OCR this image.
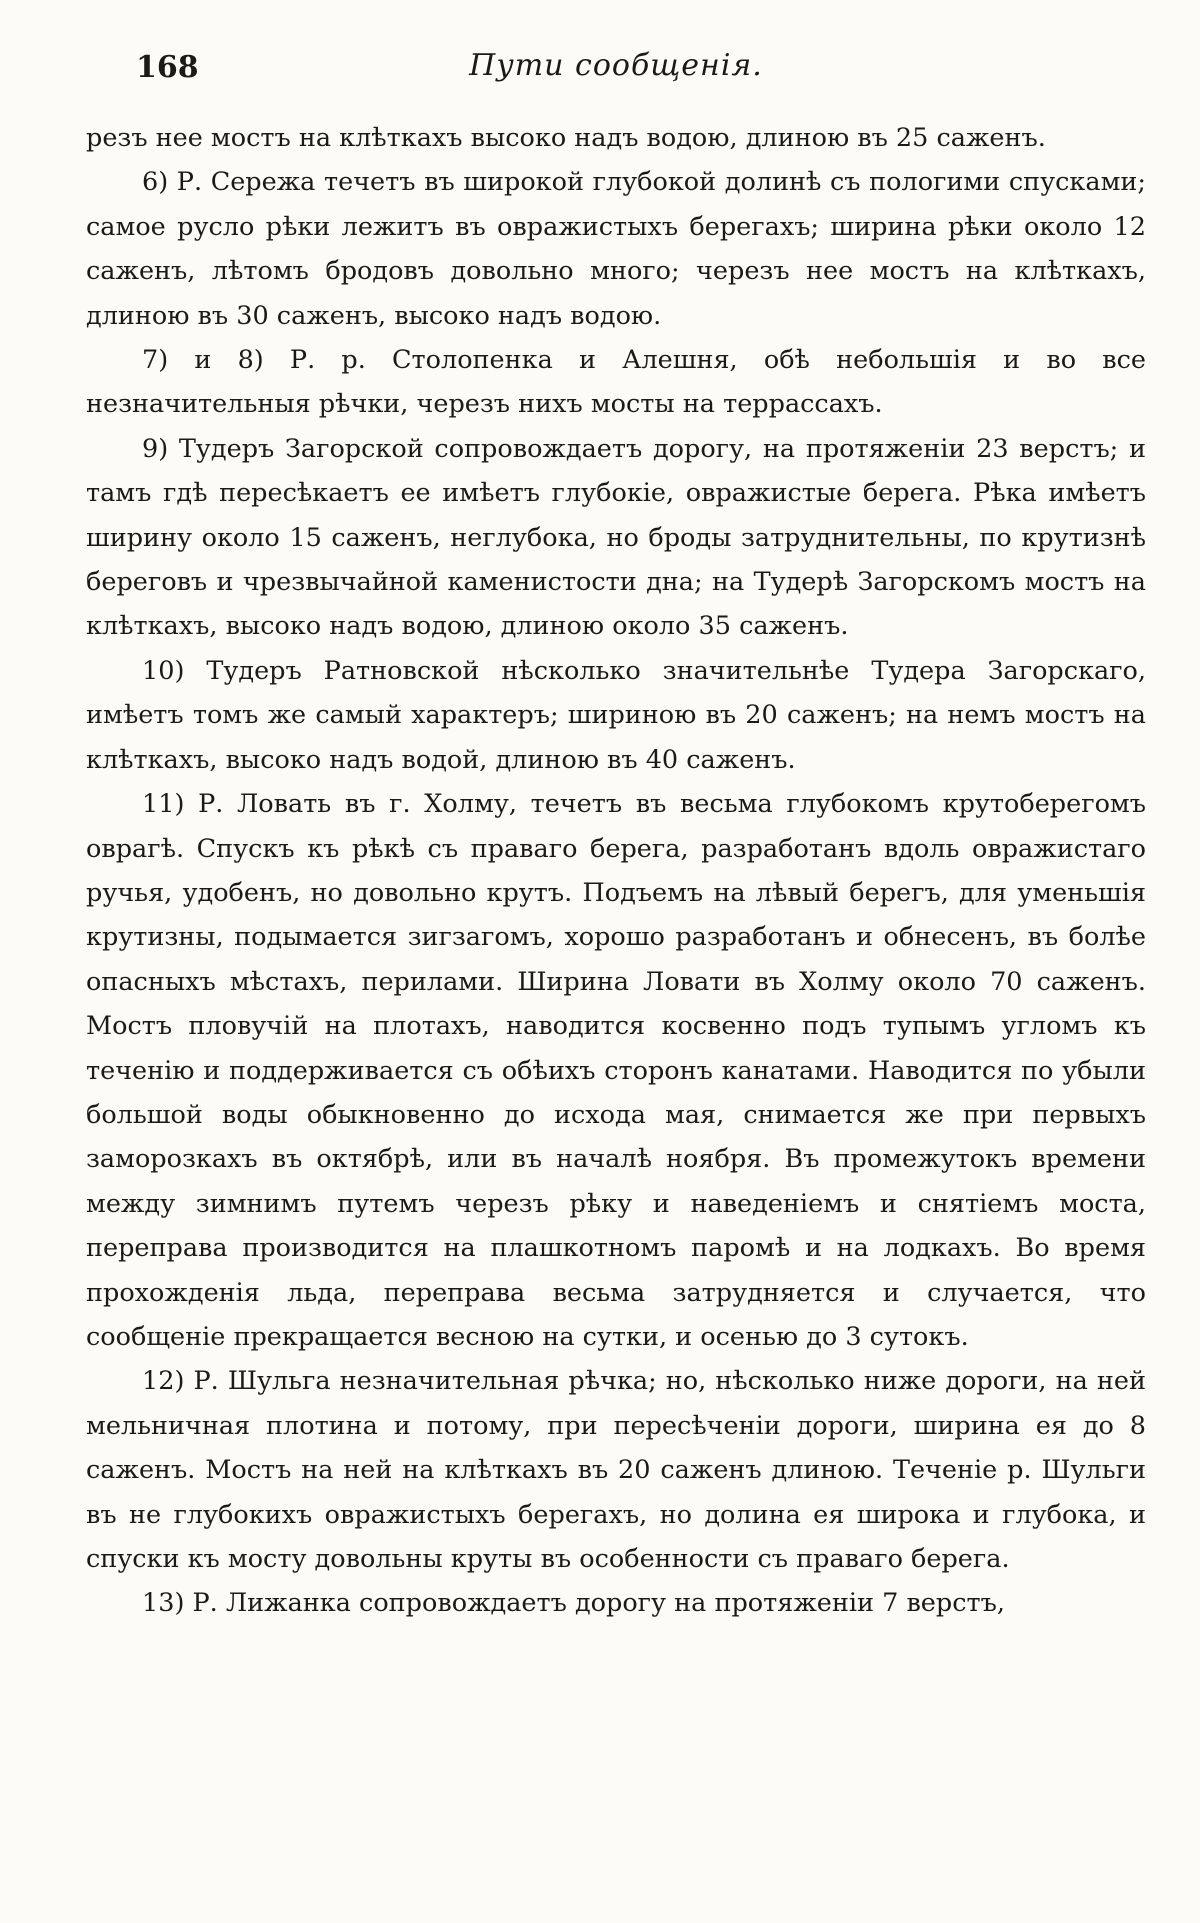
168	Пути сообщенія.

резъ нее мостъ на клѣткахъ высоко надъ водою, длиною въ 25 саженъ.

6) Р. Сережа течетъ въ широкой глубокой долинѣ съ пологими спусками; самое русло рѣки лежитъ въ овражистыхъ берегахъ; ширина рѣки около 12 саженъ, лѣтомъ бродовъ довольно много; черезъ нее мостъ на клѣткахъ, длиною въ 30 саженъ, высоко надъ водою.

7) и 8) Р. р. Столопенка и Алешня, обѣ небольшія и во все незначительныя рѣчки, черезъ нихъ мосты на террассахъ.

9) Тудеръ Загорской сопровождаетъ дорогу, на протяженіи 23 верстъ; и тамъ гдѣ пересѣкаетъ ее имѣетъ глубокіе, овражистые берега. Рѣка имѣетъ ширину около 15 саженъ, неглубока, но броды затруднительны, по крутизнѣ береговъ и чрезвычайной каменистости дна; на Тудерѣ Загорскомъ мостъ на клѣткахъ, высоко надъ водою, длиною около 35 саженъ.

10) Тудеръ Ратновской нѣсколько значительнѣе Тудера Загорскаго, имѣетъ томъ же самый характеръ; шириною въ 20 саженъ; на немъ мостъ на клѣткахъ, высоко надъ водой, длиною въ 40 саженъ.

11) Р. Ловать въ г. Холму, течетъ въ весьма глубокомъ крутоберегомъ оврагѣ. Спускъ къ рѣкѣ съ праваго берега, разработанъ вдоль овражистаго ручья, удобенъ, но довольно крутъ. Подъемъ на лѣвый берегъ, для уменьшія крутизны, подымается зигзагомъ, хорошо разработанъ и обнесенъ, въ болѣе опасныхъ мѣстахъ, перилами. Ширина Ловати въ Холму около 70 саженъ. Мостъ пловучій на плотахъ, наводится косвенно подъ тупымъ угломъ къ теченію и поддерживается съ обѣихъ сторонъ канатами. Наводится по убыли большой воды обыкновенно до исхода мая, снимается же при первыхъ заморозкахъ въ октябрѣ, или въ началѣ ноября. Въ промежутокъ времени между зимнимъ путемъ черезъ рѣку и наведеніемъ и снятіемъ моста, переправа производится на плашкотномъ паромѣ и на лодкахъ. Во время прохожденія льда, переправа весьма затрудняется и случается, что сообщеніе прекращается весною на сутки, и осенью до 3 сутокъ.

12) Р. Шульга незначительная рѣчка; но, нѣсколько ниже дороги, на ней мельничная плотина и потому, при пересѣченіи дороги, ширина ея до 8 саженъ. Мостъ на ней на клѣткахъ въ 20 саженъ длиною. Теченіе р. Шульги въ не глубокихъ овражистыхъ берегахъ, но долина ея широка и глубока, и спуски къ мосту довольны круты въ особенности съ праваго берега.

13) Р. Лижанка сопровождаетъ дорогу на протяженіи 7 верстъ,
